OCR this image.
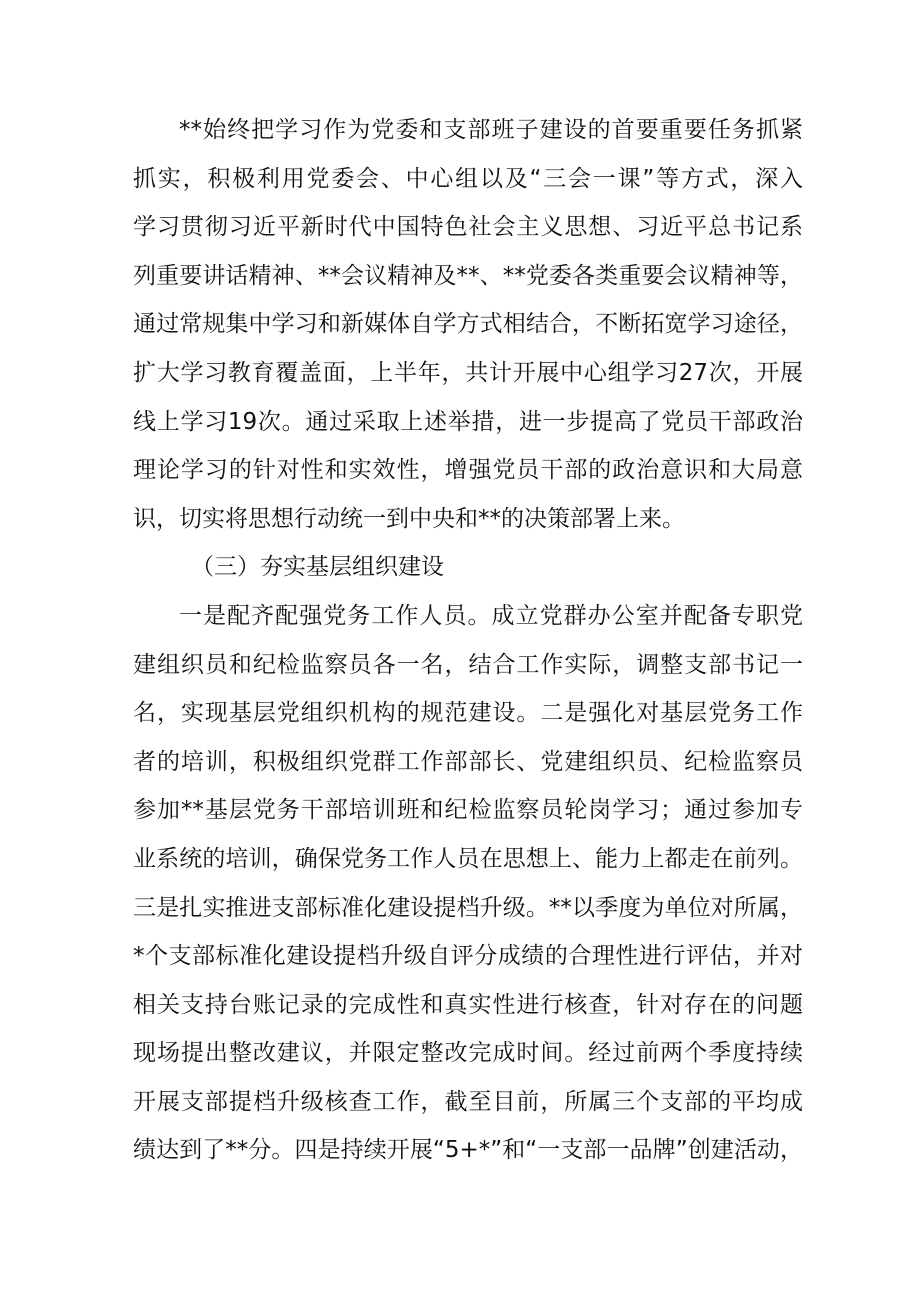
**始终把学习作为党委和支部班子建设的首要重要任务抓紧
抓实，积极利用党委会、中心组以及“三会一课”等方式，深入
学习贯彻习近平新时代中国特色社会主义思想、习近平总书记系
列重要讲话精神、**会议精神及**、**党委各类重要会议精神等，
通过常规集中学习和新媒体自学方式相结合，不断拓宽学习途径，
扩大学习教育覆盖面，上半年，共计开展中心组学习27次，开展
线上学习19次。通过采取上述举措，进一步提高了党员干部政治
理论学习的针对性和实效性，增强党员干部的政治意识和大局意
识，切实将思想行动统一到中央和**的决策部署上来。
（三）夯实基层组织建设
一是配齐配强党务工作人员。成立党群办公室并配备专职党
建组织员和纪检监察员各一名，结合工作实际，调整支部书记一
名，实现基层党组织机构的规范建设。二是强化对基层党务工作
者的培训，积极组织党群工作部部长、党建组织员、纪检监察员
参加**基层党务干部培训班和纪检监察员轮岗学习；通过参加专
业系统的培训，确保党务工作人员在思想上、能力上都走在前列。
三是扎实推进支部标准化建设提档升级。**以季度为单位对所属，
*个支部标准化建设提档升级自评分成绩的合理性进行评估，并对
相关支持台账记录的完成性和真实性进行核查，针对存在的问题
现场提出整改建议，并限定整改完成时间。经过前两个季度持续
开展支部提档升级核查工作，截至目前，所属三个支部的平均成
绩达到了**分。四是持续开展“5+*”和“一支部一品牌”创建活动，
